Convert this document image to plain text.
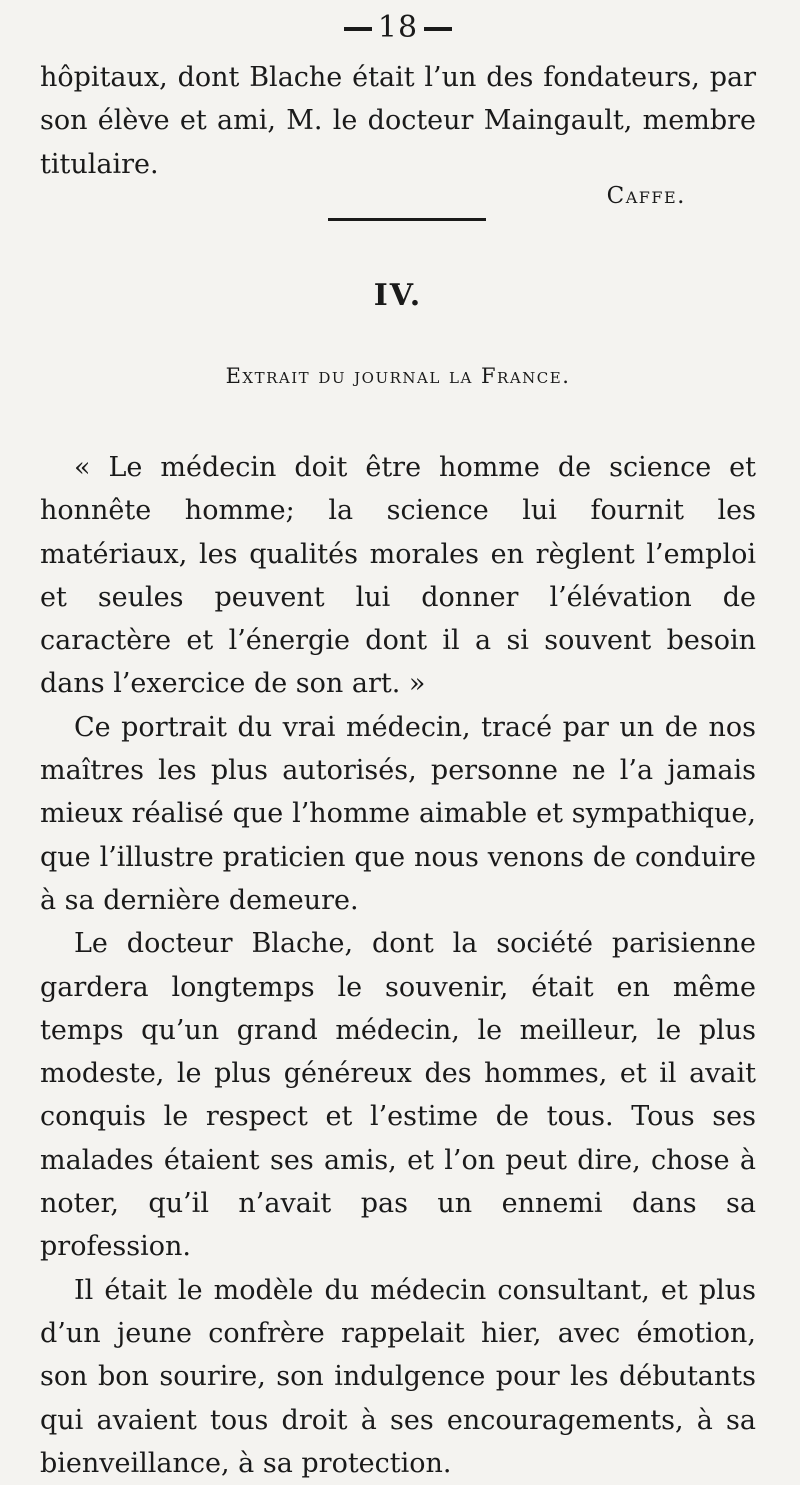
18

hôpitaux, dont Blache était l’un des fondateurs, par son élève et ami, M. le docteur Maingault, membre titulaire.

Caffe.
IV.
Extrait du journal la France.

« Le médecin doit être homme de science et honnête homme; la science lui fournit les matériaux, les qualités morales en règlent l’emploi et seules peuvent lui donner l’élévation de caractère et l’énergie dont il a si souvent besoin dans l’exercice de son art. »

Ce portrait du vrai médecin, tracé par un de nos maîtres les plus autorisés, personne ne l’a jamais mieux réalisé que l’homme aimable et sympathique, que l’illustre praticien que nous venons de conduire à sa dernière demeure.

Le docteur Blache, dont la société parisienne gardera longtemps le souvenir, était en même temps qu’un grand médecin, le meilleur, le plus modeste, le plus généreux des hommes, et il avait conquis le respect et l’estime de tous. Tous ses malades étaient ses amis, et l’on peut dire, chose à noter, qu’il n’avait pas un ennemi dans sa profession.

Il était le modèle du médecin consultant, et plus d’un jeune confrère rappelait hier, avec émotion, son bon sourire, son indulgence pour les débutants qui avaient tous droit à ses encouragements, à sa bienveillance, à sa protection.
